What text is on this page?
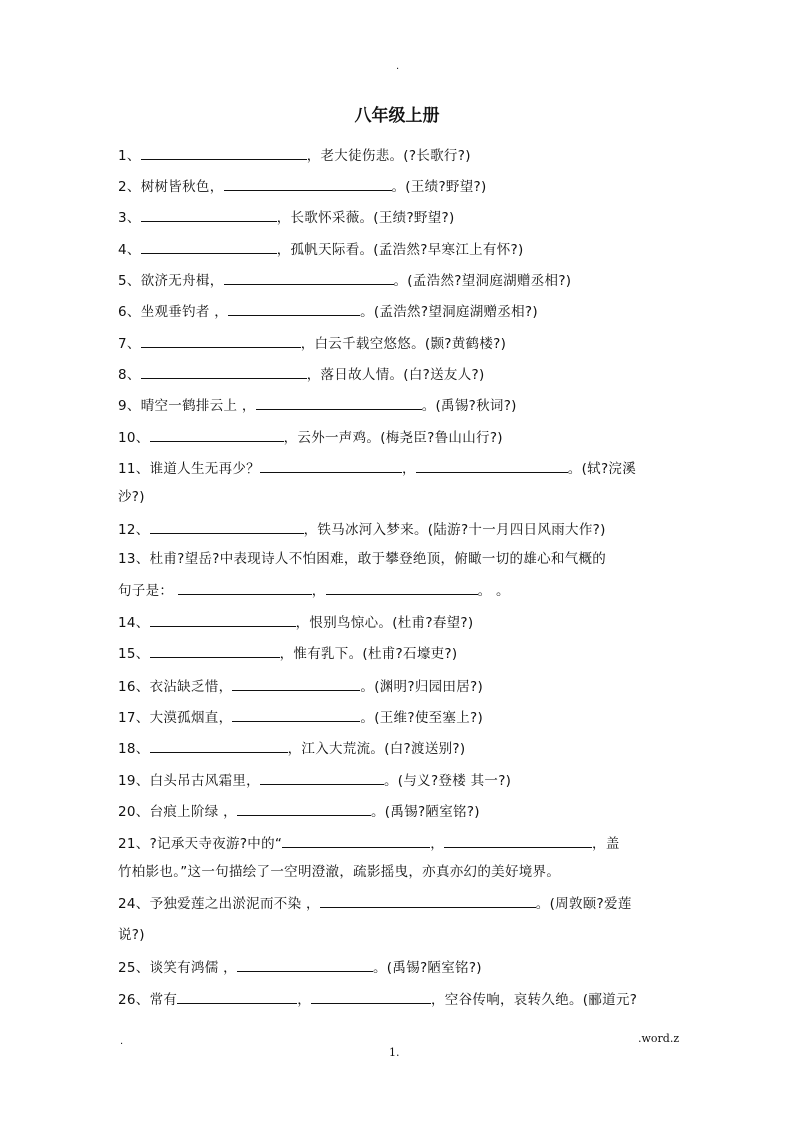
.
八年级上册
1、	，老大徒伤悲。(?长歌行?)
2、树树皆秋色，	。(王绩?野望?)
3、	，长歌怀采薇。(王绩?野望?)
4、	，孤帆天际看。(孟浩然?早寒江上有怀?)
5、欲济无舟楫，	。(孟浩然?望洞庭湖赠丞相?)
6、坐观垂钓者 ，	。(孟浩然?望洞庭湖赠丞相?)
7、	，白云千载空悠悠。(颢?黄鹤楼?)
8、	，落日故人情。(白?送友人?)
9、晴空一鹤排云上 ，	。(禹锡?秋词?)
10、	，云外一声鸡。(梅尧臣?鲁山山行?)
11、谁道人生无再少？	，	。(轼?浣溪
沙?)
12、	，铁马冰河入梦来。(陆游?十一月四日风雨大作?)
13、杜甫?望岳?中表现诗人不怕困难，敢于攀登绝顶，俯瞰一切的雄心和气概的
句子是：	，	。 。
14、	，恨别鸟惊心。(杜甫?春望?)
15、	，惟有乳下。(杜甫?石壕吏?)
16、衣沾缺乏惜，	。(渊明?归园田居?)
17、大漠孤烟直，	。(王维?使至塞上?)
18、	，江入大荒流。(白?渡送别?)
19、白头吊古风霜里，	。(与义?登楼 其一?)
20、台痕上阶绿 ，	。(禹锡?陋室铭?)
21、?记承天寺夜游?中的“	，	，盖
竹柏影也。”这一句描绘了一空明澄澈，疏影摇曳，亦真亦幻的美好境界。
24、予独爱莲之出淤泥而不染 ，	。(周敦颐?爱莲
说?)
25、谈笑有鸿儒 ，	。(禹锡?陋室铭?)
26、常有	，	，空谷传响，哀转久绝。(郦道元?
.	.word.z
1.
